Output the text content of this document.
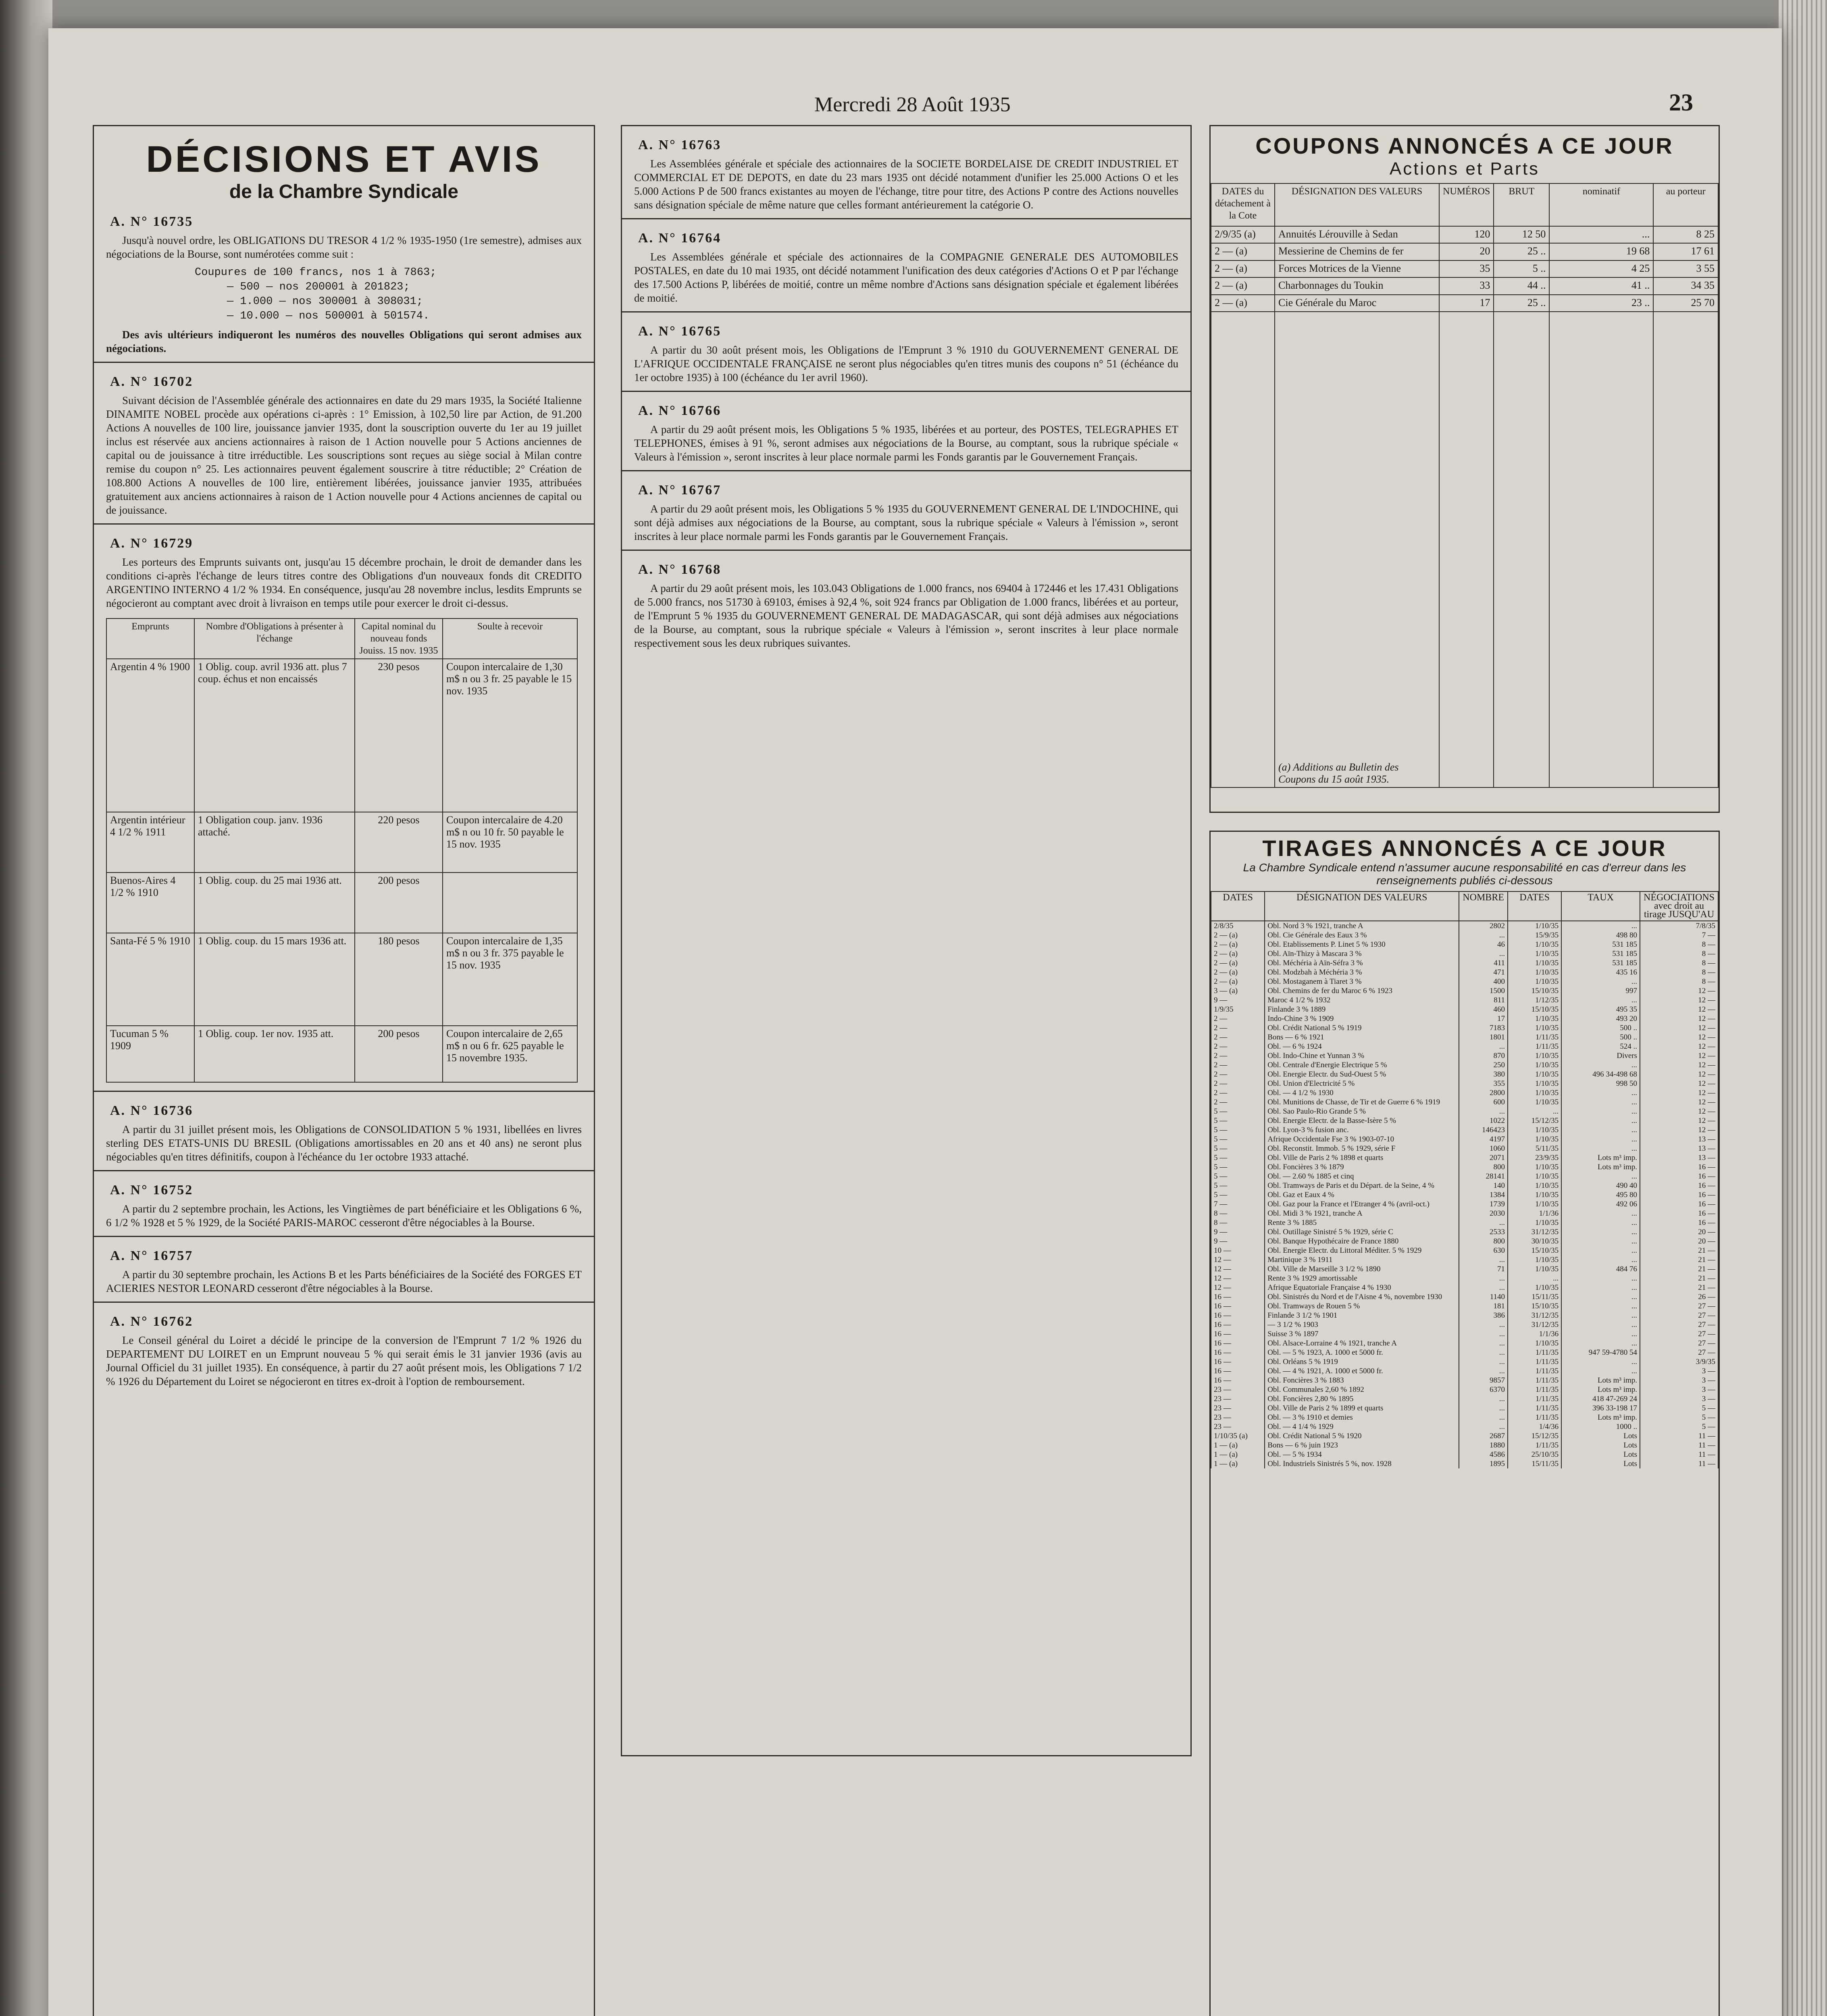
Mercredi 28 Août 1935	23
DÉCISIONS ET AVIS
de la Chambre Syndicale
A. N° 16735
Jusqu'à nouvel ordre, les OBLIGATIONS DU TRESOR 4 1/2 % 1935-1950 (1re semestre), admises aux négociations de la Bourse, sont numérotées comme suit :
Coupures de 100 francs, nos 1 à 7863;
— 500 — nos 200001 à 201823;
— 1.000 — nos 300001 à 308031;
— 10.000 — nos 500001 à 501574.
Des avis ultérieurs indiqueront les numéros des nouvelles Obligations qui seront admises aux négociations.
A. N° 16702
Suivant décision de l'Assemblée générale des actionnaires en date du 29 mars 1935, la Société Italienne DINAMITE NOBEL procède aux opérations ci-après : 1° Emission, à 102,50 lire par Action, de 91.200 Actions A nouvelles de 100 lire, jouissance janvier 1935, dont la souscription ouverte du 1er au 19 juillet inclus est réservée aux anciens actionnaires à raison de 1 Action nouvelle pour 5 Actions anciennes de capital ou de jouissance à titre irréductible. Les souscriptions sont reçues au siège social à Milan contre remise du coupon n° 25. Les actionnaires peuvent également souscrire à titre réductible; 2° Création de 108.800 Actions A nouvelles de 100 lire, entièrement libérées, jouissance janvier 1935, attribuées gratuitement aux anciens actionnaires à raison de 1 Action nouvelle pour 4 Actions anciennes de capital ou de jouissance.
A. N° 16729
Les porteurs des Emprunts suivants ont, jusqu'au 15 décembre prochain, le droit de demander dans les conditions ci-après l'échange de leurs titres contre des Obligations d'un nouveaux fonds dit CREDITO ARGENTINO INTERNO 4 1/2 % 1934. En conséquence, jusqu'au 28 novembre inclus, lesdits Emprunts se négocieront au comptant avec droit à livraison en temps utile pour exercer le droit ci-dessus.
Emprunts	Nombre d'Obligations à présenter à l'échange	Capital nominal du nouveau fonds Jouiss. 15 nov. 1935	Soulte à recevoir
Argentin 4 % 1900	1 Oblig. coup. avril 1936 att. plus 7 coup. échus et non encaissés	230 pesos	Coupon intercalaire de 1,30 m$ n ou 3 fr. 25 payable le 15 nov. 1935
Argentin intérieur 4 1/2 % 1911	1 Obligation coup. janv. 1936 attaché.	220 pesos	Coupon intercalaire de 4.20 m$ n ou 10 fr. 50 payable le 15 nov. 1935
Buenos-Aires 4 1/2 % 1910	1 Oblig. coup. du 25 mai 1936 att.	200 pesos	
Santa-Fé 5 % 1910	1 Oblig. coup. du 15 mars 1936 att.	180 pesos	Coupon intercalaire de 1,35 m$ n ou 3 fr. 375 payable le 15 nov. 1935
Tucuman 5 % 1909	1 Oblig. coup. 1er nov. 1935 att.	200 pesos	Coupon intercalaire de 2,65 m$ n ou 6 fr. 625 payable le 15 novembre 1935.
A. N° 16736
A partir du 31 juillet présent mois, les Obligations de CONSOLIDATION 5 % 1931, libellées en livres sterling DES ETATS-UNIS DU BRESIL (Obligations amortissables en 20 ans et 40 ans) ne seront plus négociables qu'en titres définitifs, coupon à l'échéance du 1er octobre 1933 attaché.
A. N° 16752
A partir du 2 septembre prochain, les Actions, les Vingtièmes de part bénéficiaire et les Obligations 6 %, 6 1/2 % 1928 et 5 % 1929, de la Société PARIS-MAROC cesseront d'être négociables à la Bourse.
A. N° 16757
A partir du 30 septembre prochain, les Actions B et les Parts bénéficiaires de la Société des FORGES ET ACIERIES NESTOR LEONARD cesseront d'être négociables à la Bourse.
A. N° 16762
Le Conseil général du Loiret a décidé le principe de la conversion de l'Emprunt 7 1/2 % 1926 du DEPARTEMENT DU LOIRET en un Emprunt nouveau 5 % qui serait émis le 31 janvier 1936 (avis au Journal Officiel du 31 juillet 1935). En conséquence, à partir du 27 août présent mois, les Obligations 7 1/2 % 1926 du Département du Loiret se négocieront en titres ex-droit à l'option de remboursement.
A. N° 16763
Les Assemblées générale et spéciale des actionnaires de la SOCIETE BORDELAISE DE CREDIT INDUSTRIEL ET COMMERCIAL ET DE DEPOTS, en date du 23 mars 1935 ont décidé notamment d'unifier les 25.000 Actions O et les 5.000 Actions P de 500 francs existantes au moyen de l'échange, titre pour titre, des Actions P contre des Actions nouvelles sans désignation spéciale de même nature que celles formant antérieurement la catégorie O.
A. N° 16764
Les Assemblées générale et spéciale des actionnaires de la COMPAGNIE GENERALE DES AUTOMOBILES POSTALES, en date du 10 mai 1935, ont décidé notamment l'unification des deux catégories d'Actions O et P par l'échange des 17.500 Actions P, libérées de moitié, contre un même nombre d'Actions sans désignation spéciale et également libérées de moitié.
A. N° 16765
A partir du 30 août présent mois, les Obligations de l'Emprunt 3 % 1910 du GOUVERNEMENT GENERAL DE L'AFRIQUE OCCIDENTALE FRANÇAISE ne seront plus négociables qu'en titres munis des coupons n° 51 (échéance du 1er octobre 1935) à 100 (échéance du 1er avril 1960).
A. N° 16766
A partir du 29 août présent mois, les Obligations 5 % 1935, libérées et au porteur, des POSTES, TELEGRAPHES ET TELEPHONES, émises à 91 %, seront admises aux négociations de la Bourse, au comptant, sous la rubrique spéciale « Valeurs à l'émission », seront inscrites à leur place normale parmi les Fonds garantis par le Gouvernement Français.
A. N° 16767
A partir du 29 août présent mois, les Obligations 5 % 1935 du GOUVERNEMENT GENERAL DE L'INDOCHINE, qui sont déjà admises aux négociations de la Bourse, au comptant, sous la rubrique spéciale « Valeurs à l'émission », seront inscrites à leur place normale parmi les Fonds garantis par le Gouvernement Français.
A. N° 16768
A partir du 29 août présent mois, les 103.043 Obligations de 1.000 francs, nos 69404 à 172446 et les 17.431 Obligations de 5.000 francs, nos 51730 à 69103, émises à 92,4 %, soit 924 francs par Obligation de 1.000 francs, libérées et au porteur, de l'Emprunt 5 % 1935 du GOUVERNEMENT GENERAL DE MADAGASCAR, qui sont déjà admises aux négociations de la Bourse, au comptant, sous la rubrique spéciale « Valeurs à l'émission », seront inscrites à leur place normale respectivement sous les deux rubriques suivantes.
COUPONS ANNONCÉS A CE JOUR
Actions et Parts
DATES du détachement à la Cote	DÉSIGNATION DES VALEURS	NUMÉROS	BRUT	nominatif	au porteur
2/9/35 (a)	Annuités Lérouville à Sedan	120	12 50	...	8 25
2 — (a)	Messierine de Chemins de fer	20	25 ..	19 68	17 61
2 — (a)	Forces Motrices de la Vienne	35	5 ..	4 25	3 55
2 — (a)	Charbonnages du Toukin	33	44 ..	41 ..	34 35
2 — (a)	Cie Générale du Maroc	17	25 ..	23 ..	25 70
	(a) Additions au Bulletin des Coupons du 15 août 1935.				
TIRAGES ANNONCÉS A CE JOUR
La Chambre Syndicale entend n'assumer aucune responsabilité en cas d'erreur dans les renseignements publiés ci-dessous
DATES	DÉSIGNATION DES VALEURS	NOMBRE	DATES	TAUX	NÉGOCIATIONS avec droit au tirage JUSQU'AU
2/8/35	Obl. Nord 3 % 1921, tranche A	2802	1/10/35	...	7/8/35
2 — (a)	Obl. Cie Générale des Eaux 3 %	...	15/9/35	498 80	7 —
2 — (a)	Obl. Etablissements P. Linet 5 % 1930	46	1/10/35	531 185	8 —
2 — (a)	Obl. Aïn-Thizy à Mascara 3 %	...	1/10/35	531 185	8 —
2 — (a)	Obl. Méchéria à Aïn-Séfra 3 %	411	1/10/35	531 185	8 —
2 — (a)	Obl. Modzbah à Méchéria 3 %	471	1/10/35	435 16	8 —
2 — (a)	Obl. Mostaganem à Tiaret 3 %	400	1/10/35	...	8 —
3 — (a)	Obl. Chemins de fer du Maroc 6 % 1923	1500	15/10/35	997	12 —
9 —	Maroc 4 1/2 % 1932	811	1/12/35	...	12 —
1/9/35	Finlande 3 % 1889	460	15/10/35	495 35	12 —
2 —	Indo-Chine 3 % 1909	17	1/10/35	493 20	12 —
2 —	Obl. Crédit National 5 % 1919	7183	1/10/35	500 ..	12 —
2 —	Bons — 6 % 1921	1801	1/11/35	500 ..	12 —
2 —	Obl. — 6 % 1924	...	1/11/35	524 ..	12 —
2 —	Obl. Indo-Chine et Yunnan 3 %	870	1/10/35	Divers	12 —
2 —	Obl. Centrale d'Energie Electrique 5 %	250	1/10/35	...	12 —
2 —	Obl. Energie Electr. du Sud-Ouest 5 %	380	1/10/35	496 34-498 68	12 —
2 —	Obl. Union d'Electricité 5 %	355	1/10/35	998 50	12 —
2 —	Obl. — 4 1/2 % 1930	2800	1/10/35	...	12 —
2 —	Obl. Munitions de Chasse, de Tir et de Guerre 6 % 1919	600	1/10/35	...	12 —
5 —	Obl. Sao Paulo-Rio Grande 5 %	...	...	...	12 —
5 —	Obl. Energie Electr. de la Basse-Isère 5 %	1022	15/12/35	...	12 —
5 —	Obl. Lyon-3 % fusion anc.	146423	1/10/35	...	12 —
5 —	Afrique Occidentale Fse 3 % 1903-07-10	4197	1/10/35	...	13 —
5 —	Obl. Reconstit. Immob. 5 % 1929, série F	1060	5/11/35	...	13 —
5 —	Obl. Ville de Paris 2 % 1898 et quarts	2071	23/9/35	Lots m³ imp.	13 —
5 —	Obl. Foncières 3 % 1879	800	1/10/35	Lots m³ imp.	16 —
5 —	Obl. — 2.60 % 1885 et cinq	28141	1/10/35	...	16 —
5 —	Obl. Tramways de Paris et du Départ. de la Seine, 4 %	140	1/10/35	490 40	16 —
5 —	Obl. Gaz et Eaux 4 %	1384	1/10/35	495 80	16 —
7 —	Obl. Gaz pour la France et l'Etranger 4 % (avril-oct.)	1739	1/10/35	492 06	16 —
8 —	Obl. Midi 3 % 1921, tranche A	2030	1/1/36	...	16 —
8 —	Rente 3 % 1885	...	1/10/35	...	16 —
9 —	Obl. Outillage Sinistré 5 % 1929, série C	2533	31/12/35	...	20 —
9 —	Obl. Banque Hypothécaire de France 1880	800	30/10/35	...	20 —
10 —	Obl. Energie Electr. du Littoral Méditer. 5 % 1929	630	15/10/35	...	21 —
12 —	Martinique 3 % 1911	...	1/10/35	...	21 —
12 —	Obl. Ville de Marseille 3 1/2 % 1890	71	1/10/35	484 76	21 —
12 —	Rente 3 % 1929 amortissable	...	...	...	21 —
12 —	Afrique Equatoriale Française 4 % 1930	...	1/10/35	...	21 —
16 —	Obl. Sinistrés du Nord et de l'Aisne 4 %, novembre 1930	1140	15/11/35	...	26 —
16 —	Obl. Tramways de Rouen 5 %	181	15/10/35	...	27 —
16 —	Finlande 3 1/2 % 1901	386	31/12/35	...	27 —
16 —	— 3 1/2 % 1903	...	31/12/35	...	27 —
16 —	Suisse 3 % 1897	...	1/1/36	...	27 —
16 —	Obl. Alsace-Lorraine 4 % 1921, tranche A	...	1/10/35	...	27 —
16 —	Obl. — 5 % 1923, A. 1000 et 5000 fr.	...	1/11/35	947 59-4780 54	27 —
16 —	Obl. Orléans 5 % 1919	...	1/11/35	...	3/9/35
16 —	Obl. — 4 % 1921, A. 1000 et 5000 fr.	...	1/11/35	...	3 —
16 —	Obl. Foncières 3 % 1883	9857	1/11/35	Lots m³ imp.	3 —
23 —	Obl. Communales 2,60 % 1892	6370	1/11/35	Lots m³ imp.	3 —
23 —	Obl. Foncières 2,80 % 1895	...	1/11/35	418 47-269 24	3 —
23 —	Obl. Ville de Paris 2 % 1899 et quarts	...	1/11/35	396 33-198 17	5 —
23 —	Obl. — 3 % 1910 et demies	...	1/11/35	Lots m³ imp.	5 —
23 —	Obl. — 4 1/4 % 1929	...	1/4/36	1000 ..	5 —
1/10/35 (a)	Obl. Crédit National 5 % 1920	2687	15/12/35	Lots	11 —
1 — (a)	Bons — 6 % juin 1923	1880	1/11/35	Lots	11 —
1 — (a)	Obl. — 5 % 1934	4586	25/10/35	Lots	11 —
1 — (a)	Obl. Industriels Sinistrés 5 %, nov. 1928	1895	15/11/35	Lots	11 —
